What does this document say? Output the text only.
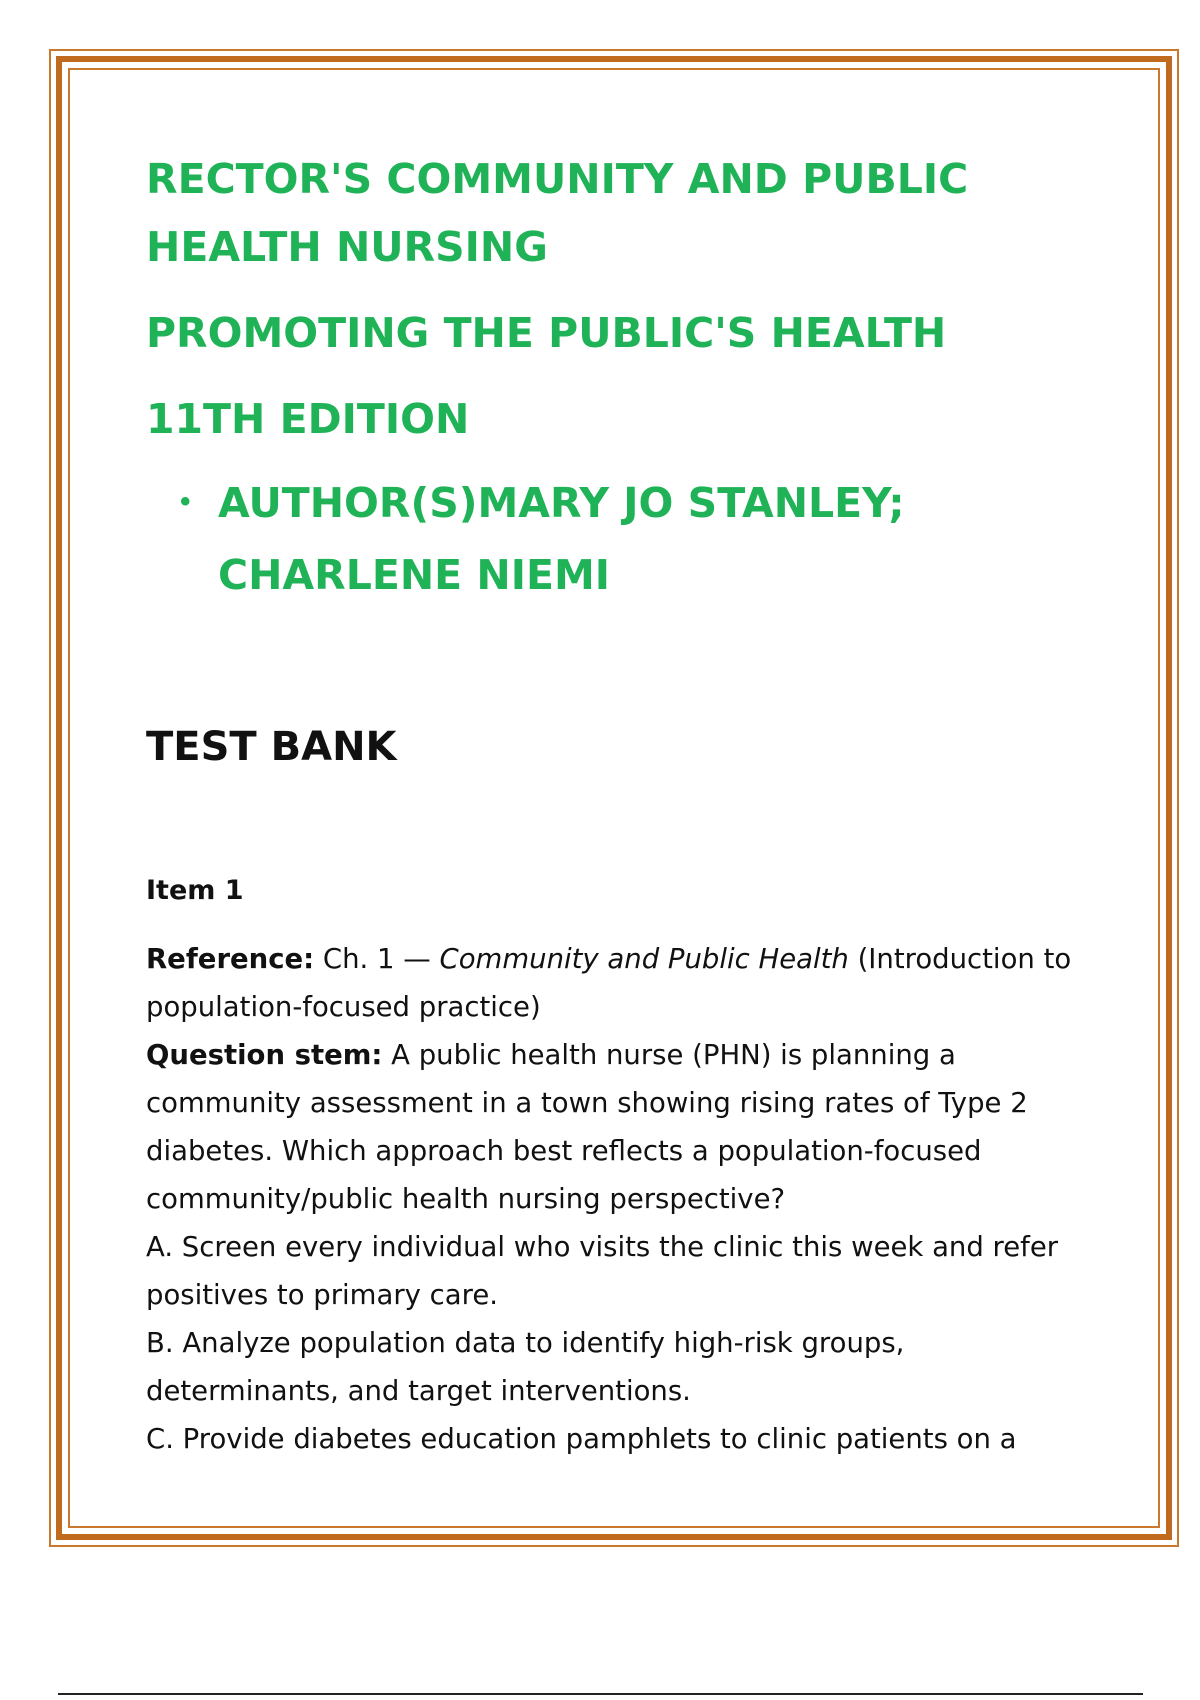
RECTOR'S COMMUNITY AND PUBLIC
HEALTH NURSING
PROMOTING THE PUBLIC'S HEALTH
11TH EDITION
• AUTHOR(S)MARY JO STANLEY;
CHARLENE NIEMI
TEST BANK
Item 1

Reference: Ch. 1 — Community and Public Health (Introduction to population-focused practice)

Question stem: A public health nurse (PHN) is planning a community assessment in a town showing rising rates of Type 2 diabetes. Which approach best reflects a population-focused community/public health nursing perspective?

A. Screen every individual who visits the clinic this week and refer positives to primary care.

B. Analyze population data to identify high-risk groups, determinants, and target interventions.

C. Provide diabetes education pamphlets to clinic patients on a
